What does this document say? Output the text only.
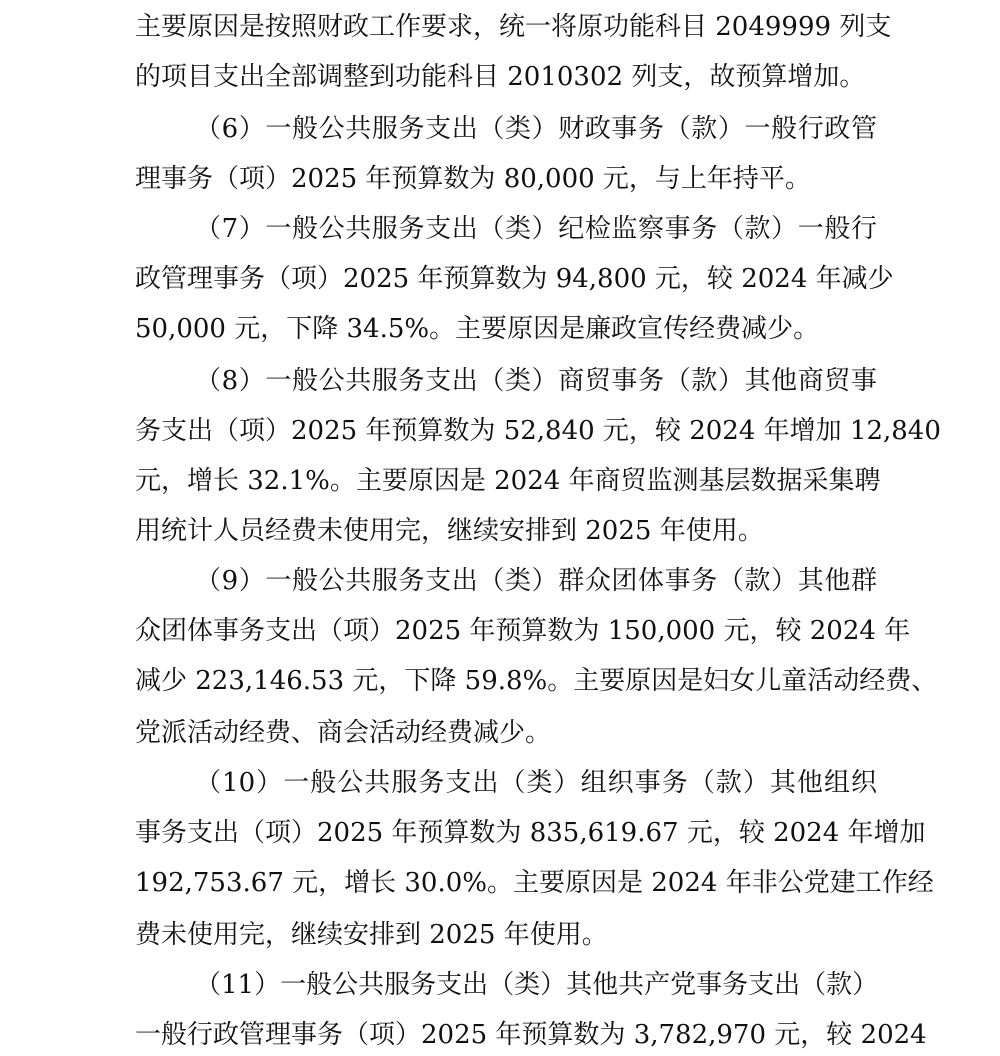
主要原因是按照财政工作要求，统一将原功能科目 2049999 列支
的项目支出全部调整到功能科目 2010302 列支，故预算增加。
（6）一般公共服务支出（类）财政事务（款）一般行政管
理事务（项）2025 年预算数为 80,000 元，与上年持平。
（7）一般公共服务支出（类）纪检监察事务（款）一般行
政管理事务（项）2025 年预算数为 94,800 元，较 2024 年减少
50,000 元，下降 34.5%。主要原因是廉政宣传经费减少。
（8）一般公共服务支出（类）商贸事务（款）其他商贸事
务支出（项）2025 年预算数为 52,840 元，较 2024 年增加 12,840
元，增长 32.1%。主要原因是 2024 年商贸监测基层数据采集聘
用统计人员经费未使用完，继续安排到 2025 年使用。
（9）一般公共服务支出（类）群众团体事务（款）其他群
众团体事务支出（项）2025 年预算数为 150,000 元，较 2024 年
减少 223,146.53 元，下降 59.8%。主要原因是妇女儿童活动经费、
党派活动经费、商会活动经费减少。
（10）一般公共服务支出（类）组织事务（款）其他组织
事务支出（项）2025 年预算数为 835,619.67 元，较 2024 年增加
192,753.67 元，增长 30.0%。主要原因是 2024 年非公党建工作经
费未使用完，继续安排到 2025 年使用。
（11）一般公共服务支出（类）其他共产党事务支出（款）
一般行政管理事务（项）2025 年预算数为 3,782,970 元，较 2024
